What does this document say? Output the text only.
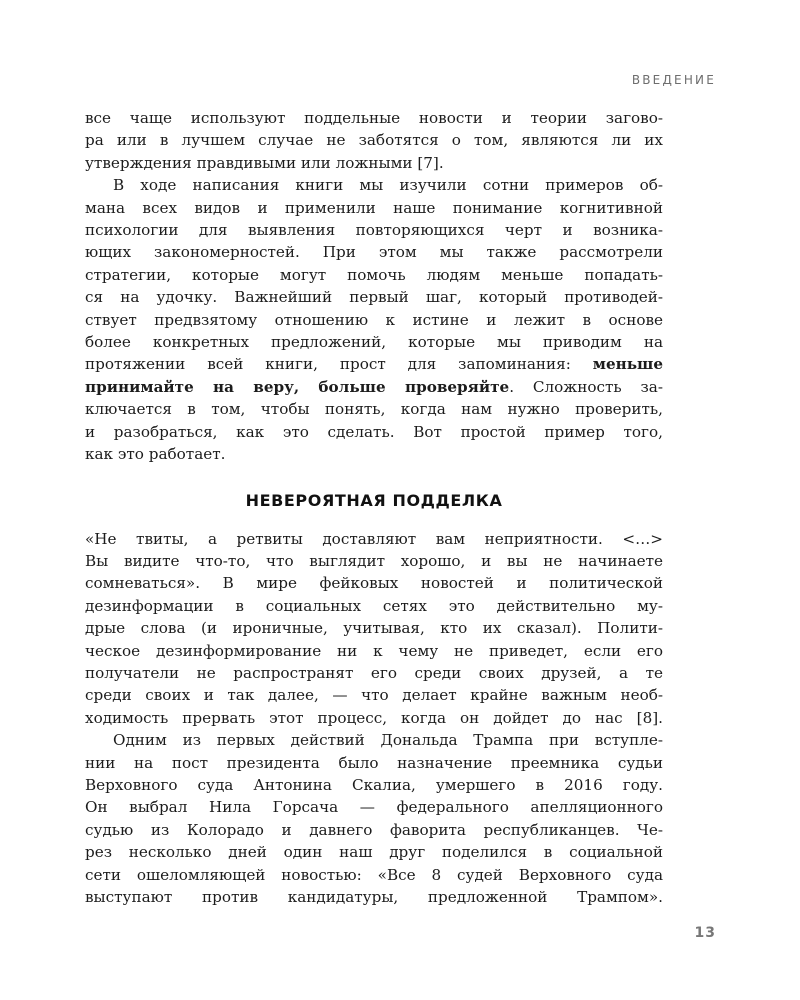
ВВЕДЕНИЕ
все чаще используют поддельные новости и теории загово-
ра или в лучшем случае не заботятся о том, являются ли их
утверждения правдивыми или ложными [7].
В ходе написания книги мы изучили сотни примеров об-
мана всех видов и применили наше понимание когнитивной
психологии для выявления повторяющихся черт и возника-
ющих закономерностей. При этом мы также рассмотрели
стратегии, которые могут помочь людям меньше попадать-
ся на удочку. Важнейший первый шаг, который противодей-
ствует предвзятому отношению к истине и лежит в основе
более конкретных предложений, которые мы приводим на
протяжении всей книги, прост для запоминания: меньше
принимайте на веру, больше проверяйте. Сложность за-
ключается в том, чтобы понять, когда нам нужно проверить,
и разобраться, как это сделать. Вот простой пример того,
как это работает.
НЕВЕРОЯТНАЯ ПОДДЕЛКА
«Не твиты, а ретвиты доставляют вам неприятности. <…>
Вы видите что-то, что выглядит хорошо, и вы не начинаете
сомневаться». В мире фейковых новостей и политической
дезинформации в социальных сетях это действительно му-
дрые слова (и ироничные, учитывая, кто их сказал). Полити-
ческое дезинформирование ни к чему не приведет, если его
получатели не распространят его среди своих друзей, а те
среди своих и так далее, — что делает крайне важным необ-
ходимость прервать этот процесс, когда он дойдет до нас [8].
Одним из первых действий Дональда Трампа при вступле-
нии на пост президента было назначение преемника судьи
Верховного суда Антонина Скалиа, умершего в 2016 году.
Он выбрал Нила Горсача — федерального апелляционного
судью из Колорадо и давнего фаворита республиканцев. Че-
рез несколько дней один наш друг поделился в социальной
сети ошеломляющей новостью: «Все 8 судей Верховного суда
выступают против кандидатуры, предложенной Трампом».
13
